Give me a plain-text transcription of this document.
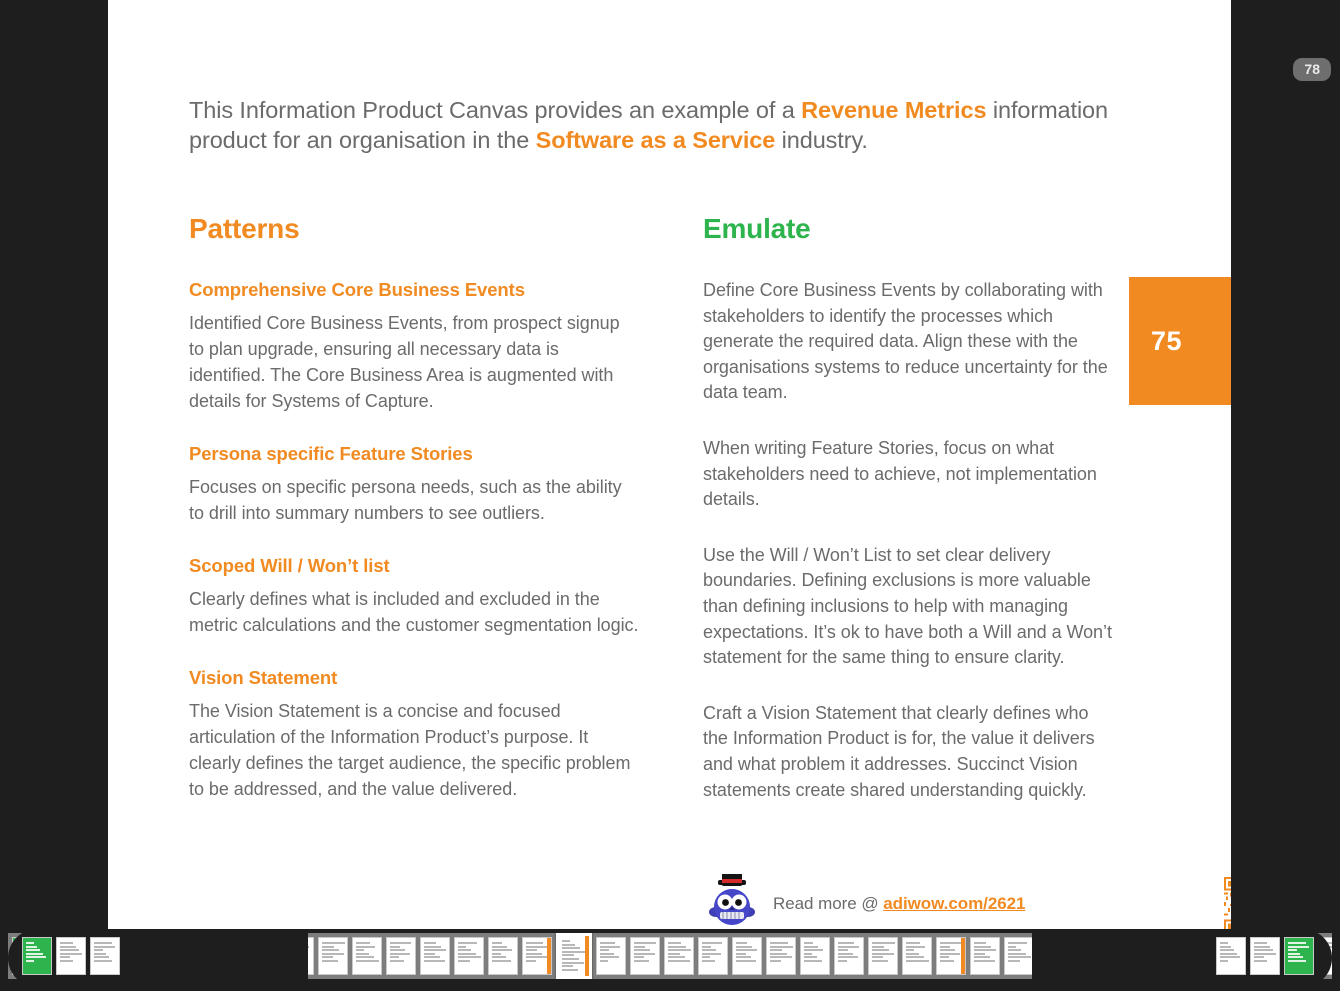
This Information Product Canvas provides an example of a Revenue Metrics information product for an organisation in the Software as a Service industry.
Patterns

Comprehensive Core Business Events

Identified Core Business Events, from prospect signup to plan upgrade, ensuring all necessary data is identified. The Core Business Area is augmented with details for Systems of Capture.

Persona specific Feature Stories

Focuses on specific persona needs, such as the ability to drill into summary numbers to see outliers.

Scoped Will / Won’t list

Clearly defines what is included and excluded in the metric calculations and the customer segmentation logic.

Vision Statement

The Vision Statement is a concise and focused articulation of the Information Product’s purpose. It clearly defines the target audience, the specific problem to be addressed, and the value delivered.

Emulate

Define Core Business Events by collaborating with stakeholders to identify the processes which generate the required data. Align these with the organisations systems to reduce uncertainty for the data team.

When writing Feature Stories, focus on what stakeholders need to achieve, not implementation details.

Use the Will / Won’t List to set clear delivery boundaries. Defining exclusions is more valuable than defining inclusions to help with managing expectations. It’s ok to have both a Will and a Won’t statement for the same thing to ensure clarity.

Craft a Vision Statement that clearly defines who the Information Product is for, the value it delivers and what problem it addresses. Succinct Vision statements create shared understanding quickly.

75
Read more @ adiwow.com/2621
78
